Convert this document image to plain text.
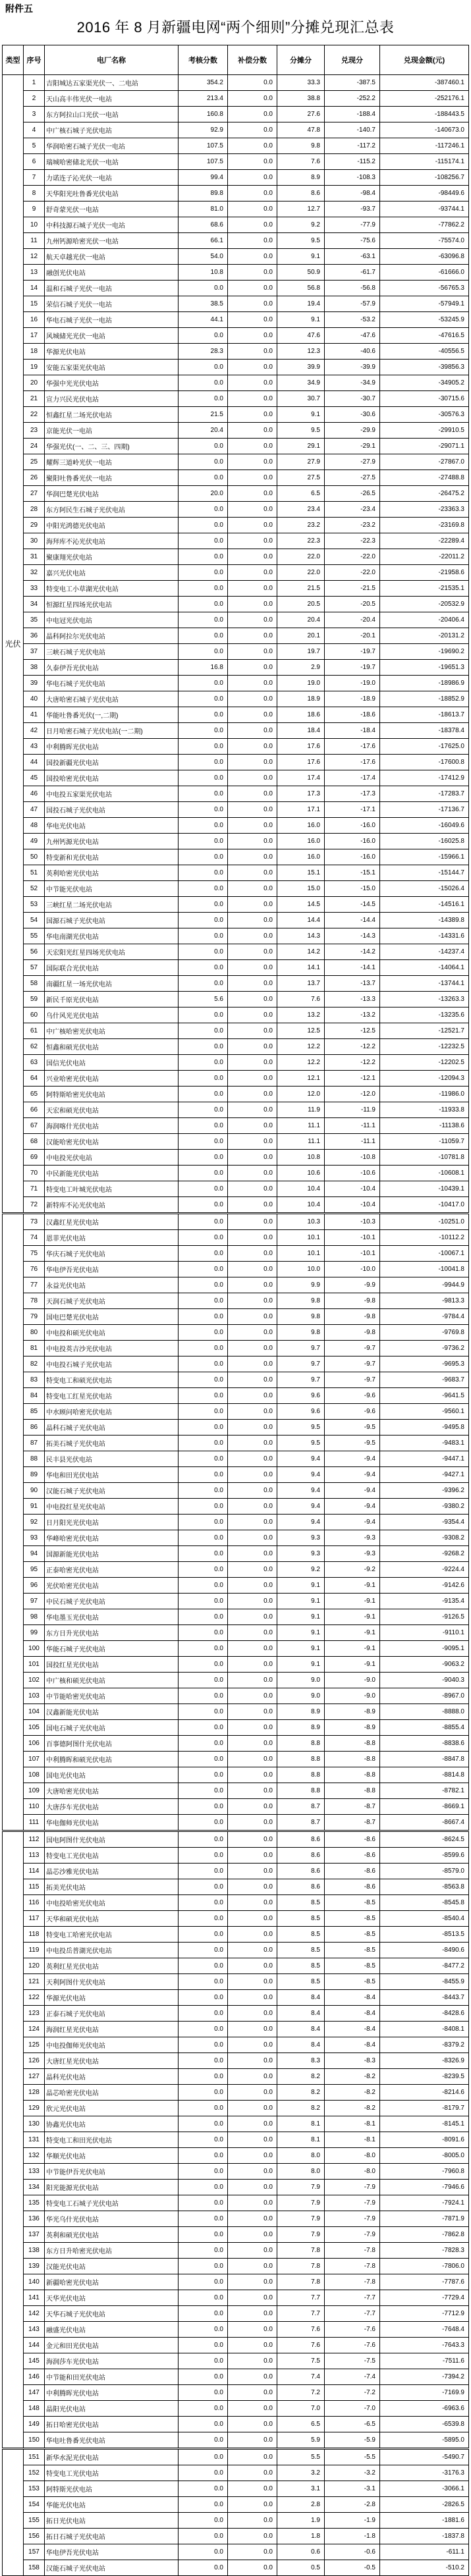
附件五
2016 年 8 月新疆电网“两个细则”分摊兑现汇总表
类型	序号	电厂名称	考核分数	补偿分数	分摊分	兑现分	兑现金额(元)
光伏	1	吉阳城达五家渠光伏一、二电站	354.2	0.0	33.3	-387.5	-387460.1
	2	天山高丰伟光伏一电站	213.4	0.0	38.8	-252.2	-252176.1
	3	东方阿拉山口光伏一电站	160.8	0.0	27.6	-188.4	-188443.5
	4	中广核石城子光伏电站	92.9	0.0	47.8	-140.7	-140673.0
	5	华润哈密石城子光伏一电站	107.5	0.0	9.8	-117.2	-117246.1
	6	瑞城哈密储北光伏一电站	107.5	0.0	7.6	-115.2	-115174.1
	7	力诺连子沁光伏一电站	99.4	0.0	8.9	-108.3	-108256.7
	8	天华阳光吐鲁番光伏电站	89.8	0.0	8.6	-98.4	-98449.6
	9	舒奇蒙光伏一电站	81.0	0.0	12.7	-93.7	-93744.1
	10	中科技源石城子光伏一电站	68.6	0.0	9.2	-77.9	-77862.2
	11	九州钙源哈密光伏一电站	66.1	0.0	9.5	-75.6	-75574.0
	12	航天卓越光伏一电站	54.0	0.0	9.1	-63.1	-63096.8
	13	融创光伏电站	10.8	0.0	50.9	-61.7	-61666.0
	14	温和石城子光伏一电站	0.0	0.0	56.8	-56.8	-56765.3
	15	荣信石城子光伏一电站	38.5	0.0	19.4	-57.9	-57949.1
	16	华电石城子光伏一电站	44.1	0.0	9.1	-53.2	-53245.9
	17	风城储光光伏一电站	0.0	0.0	47.6	-47.6	-47616.5
	18	华源光伏电站	28.3	0.0	12.3	-40.6	-40556.5
	19	安能五家渠光伏电站	0.0	0.0	39.9	-39.9	-39856.3
	20	华强中光光伏电站	0.0	0.0	34.9	-34.9	-34905.2
	21	宣力兴民光伏电站	0.0	0.0	30.7	-30.7	-30715.6
	22	恒鑫红星二场光伏电站	21.5	0.0	9.1	-30.6	-30576.3
	23	京能光伏一电站	20.4	0.0	9.5	-29.9	-29910.5
	24	华强光伏(一、二、三、四期)	0.0	0.0	29.1	-29.1	-29071.1
	25	耀辉三道岭光伏一电站	0.0	0.0	27.9	-27.9	-27867.0
	26	聚阳吐鲁番光伏一电站	0.0	0.0	27.5	-27.5	-27488.8
	27	华润巴楚光伏电站	20.0	0.0	6.5	-26.5	-26475.2
	28	东方阿民生石城子光伏电站	0.0	0.0	23.4	-23.4	-23363.3
	29	中阳光鸿德光伏电站	0.0	0.0	23.2	-23.2	-23169.8
	30	海拜库不沁光伏电站	0.0	0.0	22.3	-22.3	-22289.4
	31	聚康翔光伏电站	0.0	0.0	22.0	-22.0	-22011.2
	32	嘉兴光伏电站	0.0	0.0	22.0	-22.0	-21958.6
	33	特变电工小草湖光伏电站	0.0	0.0	21.5	-21.5	-21535.1
	34	恒源红星四场光伏电站	0.0	0.0	20.5	-20.5	-20532.9
	35	中电冠光伏电站	0.0	0.0	20.4	-20.4	-20406.4
	36	晶科阿拉尔光伏电站	0.0	0.0	20.1	-20.1	-20131.2
	37	三峡石城子光伏电站	0.0	0.0	19.7	-19.7	-19690.2
	38	久泰伊吾光伏电站	16.8	0.0	2.9	-19.7	-19651.3
	39	华电石城子光伏电站	0.0	0.0	19.0	-19.0	-18986.9
	40	大唐哈密石城子光伏电站	0.0	0.0	18.9	-18.9	-18852.9
	41	华能吐鲁番光伏(一,二期)	0.0	0.0	18.6	-18.6	-18613.7
	42	日月哈密石城子光伏电站(一二期)	0.0	0.0	18.4	-18.4	-18378.4
	43	中利腾晖光伏电站	0.0	0.0	17.6	-17.6	-17625.0
	44	国投新疆光伏电站	0.0	0.0	17.6	-17.6	-17600.8
	45	国投哈密光伏电站	0.0	0.0	17.4	-17.4	-17412.9
	46	中电投五家渠光伏电站	0.0	0.0	17.3	-17.3	-17283.7
	47	国投石城子光伏电站	0.0	0.0	17.1	-17.1	-17136.7
	48	华电光伏电站	0.0	0.0	16.0	-16.0	-16049.6
	49	九州钙源光伏电站	0.0	0.0	16.0	-16.0	-16025.8
	50	特变新和光伏电站	0.0	0.0	16.0	-16.0	-15966.1
	51	英利哈密光伏电站	0.0	0.0	15.1	-15.1	-15144.7
	52	中节能光伏电站	0.0	0.0	15.0	-15.0	-15026.4
	53	三峡红星二场光伏电站	0.0	0.0	14.5	-14.5	-14516.1
	54	国源石城子光伏电站	0.0	0.0	14.4	-14.4	-14389.8
	55	华电南湖光伏电站	0.0	0.0	14.3	-14.3	-14331.6
	56	天宏阳光红星四场光伏电站	0.0	0.0	14.2	-14.2	-14237.4
	57	国际联合光伏电站	0.0	0.0	14.1	-14.1	-14064.1
	58	南疆红星一场光伏电站	0.0	0.0	13.7	-13.7	-13744.1
	59	新民千原光伏电站	5.6	0.0	7.6	-13.3	-13263.3
	60	乌什风光光伏电站	0.0	0.0	13.2	-13.2	-13235.6
	61	中广核哈密光伏电站	0.0	0.0	12.5	-12.5	-12521.7
	62	恒鑫和硕光伏电站	0.0	0.0	12.2	-12.2	-12232.5
	63	国信光伏电站	0.0	0.0	12.2	-12.2	-12202.5
	64	兴业哈密光伏电站	0.0	0.0	12.1	-12.1	-12094.3
	65	阿特斯哈密光伏电站	0.0	0.0	12.0	-12.0	-11986.0
	66	天宏和硕光伏电站	0.0	0.0	11.9	-11.9	-11933.8
	67	海润喀什光伏电站	0.0	0.0	11.1	-11.1	-11138.6
	68	汉能哈密光伏电站	0.0	0.0	11.1	-11.1	-11059.7
	69	中电投光伏电站	0.0	0.0	10.8	-10.8	-10781.8
	70	中民新能光伏电站	0.0	0.0	10.6	-10.6	-10608.1
	71	特变电工叶城光伏电站	0.0	0.0	10.4	-10.4	-10439.1
	72	新特库不沁光伏电站	0.0	0.0	10.4	-10.4	-10417.0
	73	汉鑫红星光伏电站	0.0	0.0	10.3	-10.3	-10251.0
	74	恩菲光伏电站	0.0	0.0	10.1	-10.1	-10112.2
	75	华庆石城子光伏电站	0.0	0.0	10.1	-10.1	-10067.1
	76	华电伊吾光伏电站	0.0	0.0	10.0	-10.0	-10041.8
	77	永益光伏电站	0.0	0.0	9.9	-9.9	-9944.9
	78	天润石城子光伏电站	0.0	0.0	9.8	-9.8	-9813.3
	79	国电巴楚光伏电站	0.0	0.0	9.8	-9.8	-9784.4
	80	中电投和硕光伏电站	0.0	0.0	9.8	-9.8	-9769.8
	81	中电投英吉沙光伏电站	0.0	0.0	9.7	-9.7	-9736.2
	82	中电投石城子光伏电站	0.0	0.0	9.7	-9.7	-9695.3
	83	特变电工和硕光伏电站	0.0	0.0	9.7	-9.7	-9683.7
	84	特变电工红星光伏电站	0.0	0.0	9.6	-9.6	-9641.5
	85	中水顾问哈密光伏电站	0.0	0.0	9.6	-9.6	-9560.1
	86	晶科石城子光伏电站	0.0	0.0	9.5	-9.5	-9495.8
	87	拓美石城子光伏电站	0.0	0.0	9.5	-9.5	-9483.1
	88	民丰县光伏电站	0.0	0.0	9.4	-9.4	-9447.1
	89	华电和田光伏电站	0.0	0.0	9.4	-9.4	-9427.1
	90	汉能石城子光伏电站	0.0	0.0	9.4	-9.4	-9396.2
	91	中电投红星光伏电站	0.0	0.0	9.4	-9.4	-9380.2
	92	日月阳光光伏电站	0.0	0.0	9.4	-9.4	-9354.4
	93	华峰哈密光伏电站	0.0	0.0	9.3	-9.3	-9308.2
	94	国源新能光伏电站	0.0	0.0	9.3	-9.3	-9268.2
	95	正泰哈密光伏电站	0.0	0.0	9.2	-9.2	-9224.4
	96	光伏哈密光伏电站	0.0	0.0	9.1	-9.1	-9142.6
	97	中民石城子光伏电站	0.0	0.0	9.1	-9.1	-9135.4
	98	华电墨玉光伏电站	0.0	0.0	9.1	-9.1	-9126.5
	99	东方日升光伏电站	0.0	0.0	9.1	-9.1	-9110.1
	100	华能石城子光伏电站	0.0	0.0	9.1	-9.1	-9095.1
	101	国投红星光伏电站	0.0	0.0	9.1	-9.1	-9063.2
	102	中广核和硕光伏电站	0.0	0.0	9.0	-9.0	-9040.3
	103	中节能哈密光伏电站	0.0	0.0	9.0	-9.0	-8967.0
	104	汉鑫新能光伏电站	0.0	0.0	8.9	-8.9	-8888.0
	105	国电石城子光伏电站	0.0	0.0	8.9	-8.9	-8855.4
	106	百事德阿图什光伏电站	0.0	0.0	8.8	-8.8	-8838.6
	107	中利腾晖和硕光伏电站	0.0	0.0	8.8	-8.8	-8847.8
	108	国电光伏电站	0.0	0.0	8.8	-8.8	-8814.8
	109	大唐哈密光伏电站	0.0	0.0	8.8	-8.8	-8782.1
	110	大唐莎车光伏电站	0.0	0.0	8.7	-8.7	-8669.1
	111	华电伽师光伏电站	0.0	0.0	8.7	-8.7	-8667.4
	112	国电阿图什光伏电站	0.0	0.0	8.6	-8.6	-8624.5
	113	特变电工光伏电站	0.0	0.0	8.6	-8.6	-8599.6
	114	晶芯沙雅光伏电站	0.0	0.0	8.6	-8.6	-8579.0
	115	拓美光伏电站	0.0	0.0	8.6	-8.6	-8563.8
	116	中电投哈密光伏电站	0.0	0.0	8.5	-8.5	-8545.8
	117	天华和硕光伏电站	0.0	0.0	8.5	-8.5	-8540.4
	118	特变电工哈密光伏电站	0.0	0.0	8.5	-8.5	-8513.5
	119	中电投岳普湖光伏电站	0.0	0.0	8.5	-8.5	-8490.6
	120	英利红星光伏电站	0.0	0.0	8.5	-8.5	-8477.2
	121	天利阿图什光伏电站	0.0	0.0	8.5	-8.5	-8455.9
	122	华源光伏电站	0.0	0.0	8.4	-8.4	-8443.7
	123	正泰石城子光伏电站	0.0	0.0	8.4	-8.4	-8428.6
	124	海润红星光伏电站	0.0	0.0	8.4	-8.4	-8408.1
	125	中电投伽师光伏电站	0.0	0.0	8.4	-8.4	-8379.2
	126	大唐红星光伏电站	0.0	0.0	8.3	-8.3	-8326.9
	127	晶科光伏电站	0.0	0.0	8.2	-8.2	-8239.5
	128	晶芯哈密光伏电站	0.0	0.0	8.2	-8.2	-8214.6
	129	欣元光伏电站	0.0	0.0	8.2	-8.2	-8179.7
	130	协鑫光伏电站	0.0	0.0	8.1	-8.1	-8145.1
	131	特变电工和田光伏电站	0.0	0.0	8.1	-8.1	-8091.6
	132	华顺光伏电站	0.0	0.0	8.0	-8.0	-8005.0
	133	中节能伊吾光伏电站	0.0	0.0	8.0	-8.0	-7960.8
	134	阳光能源光伏电站	0.0	0.0	7.9	-7.9	-7946.6
	135	特变电工石城子光伏电站	0.0	0.0	7.9	-7.9	-7924.1
	136	华光乌什光伏电站	0.0	0.0	7.9	-7.9	-7871.9
	137	英利和硕光伏电站	0.0	0.0	7.9	-7.9	-7862.8
	138	东方日升哈密光伏电站	0.0	0.0	7.8	-7.8	-7828.3
	139	汉能光伏电站	0.0	0.0	7.8	-7.8	-7806.0
	140	新疆哈密光伏电站	0.0	0.0	7.8	-7.8	-7787.6
	141	天华光伏电站	0.0	0.0	7.7	-7.7	-7729.4
	142	天华石城子光伏电站	0.0	0.0	7.7	-7.7	-7712.9
	143	融盛光伏电站	0.0	0.0	7.6	-7.6	-7648.4
	144	金元和田光伏电站	0.0	0.0	7.6	-7.6	-7643.3
	145	海润莎车光伏电站	0.0	0.0	7.5	-7.5	-7511.6
	146	中节能和田光伏电站	0.0	0.0	7.4	-7.4	-7394.2
	147	中利腾晖光伏电站	0.0	0.0	7.2	-7.2	-7169.9
	148	晶阳光伏电站	0.0	0.0	7.0	-7.0	-6963.6
	149	拓日哈密光伏电站	0.0	0.0	6.5	-6.5	-6539.8
	150	华电吐鲁番光伏电站	0.0	0.0	5.9	-5.9	-5895.0
	151	新华水泥光伏电站	0.0	0.0	5.5	-5.5	-5490.7
	152	特变电工光伏电站	0.0	0.0	3.2	-3.2	-3176.3
	153	阿特斯光伏电站	0.0	0.0	3.1	-3.1	-3066.1
	154	华能光伏电站	0.0	0.0	2.8	-2.8	-2826.5
	155	拓日光伏电站	0.0	0.0	1.9	-1.9	-1881.6
	156	拓日石城子光伏电站	0.0	0.0	1.8	-1.8	-1837.8
	157	华电伊吾光伏电站	0.0	0.0	0.6	-0.6	-611.1
	158	汉能石城子光伏电站	0.0	0.0	0.5	-0.5	-510.2
